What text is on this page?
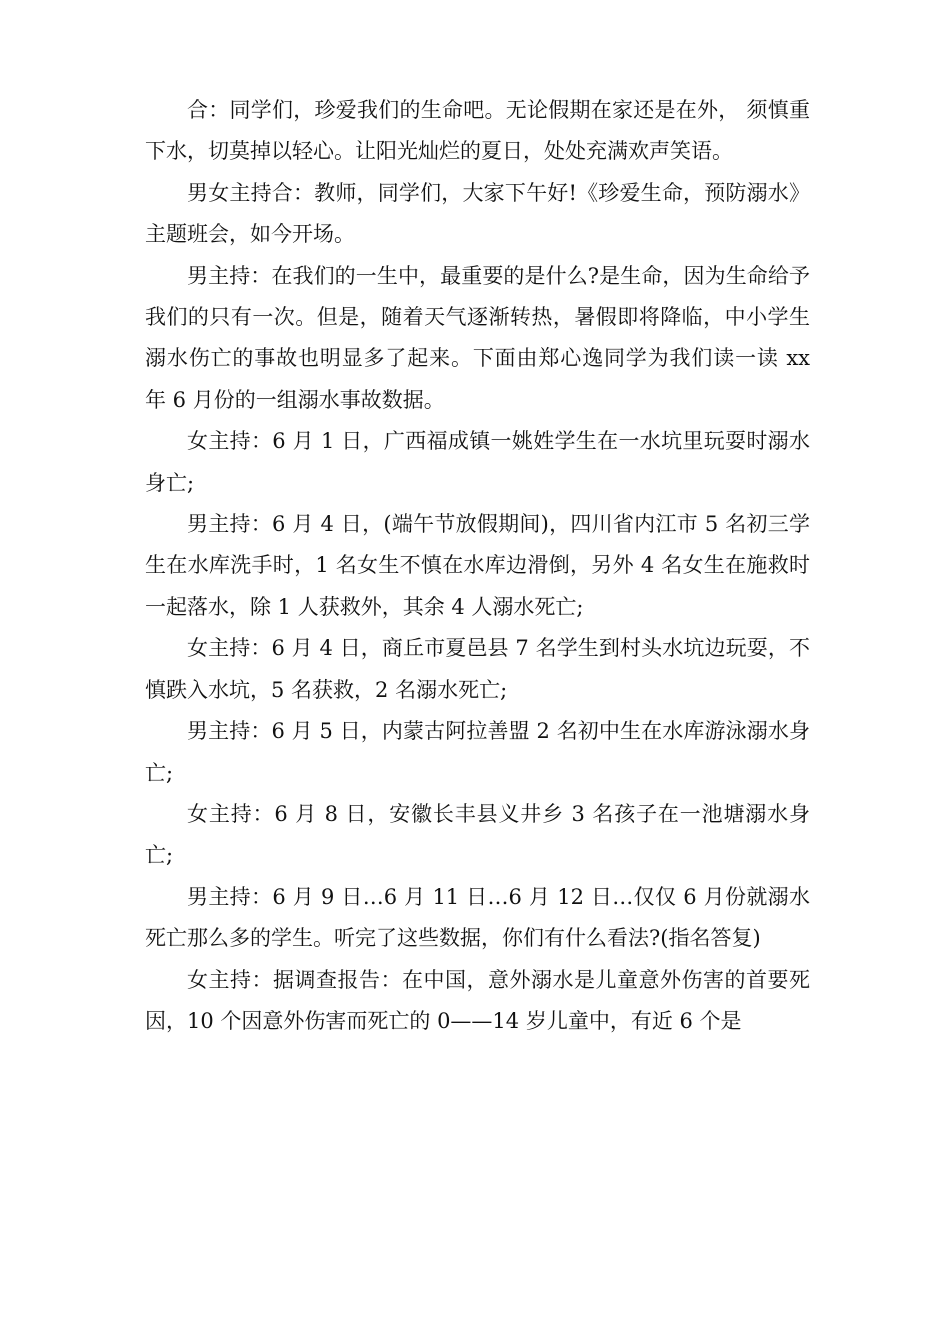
合：同学们，珍爱我们的生命吧。无论假期在家还是在外， 须慎重下水，切莫掉以轻心。让阳光灿烂的夏日，处处充满欢声笑语。

男女主持合：教师，同学们，大家下午好!《珍爱生命，预防溺水》主题班会，如今开场。

男主持：在我们的一生中，最重要的是什么?是生命，因为生命给予我们的只有一次。但是，随着天气逐渐转热，暑假即将降临，中小学生溺水伤亡的事故也明显多了起来。下面由郑心逸同学为我们读一读 xx 年 6 月份的一组溺水事故数据。

女主持：6 月 1 日，广西福成镇一姚姓学生在一水坑里玩耍时溺水身亡;

男主持：6 月 4 日，(端午节放假期间)，四川省内江市 5 名初三学生在水库洗手时，1 名女生不慎在水库边滑倒，另外 4 名女生在施救时一起落水，除 1 人获救外，其余 4 人溺水死亡;

女主持：6 月 4 日，商丘市夏邑县 7 名学生到村头水坑边玩耍，不慎跌入水坑，5 名获救，2 名溺水死亡;

男主持：6 月 5 日，内蒙古阿拉善盟 2 名初中生在水库游泳溺水身亡;

女主持：6 月 8 日，安徽长丰县义井乡 3 名孩子在一池塘溺水身亡;

男主持：6 月 9 日…6 月 11 日…6 月 12 日…仅仅 6 月份就溺水死亡那么多的学生。听完了这些数据，你们有什么看法?(指名答复)

女主持：据调查报告：在中国，意外溺水是儿童意外伤害的首要死因，10 个因意外伤害而死亡的 0——14 岁儿童中，有近 6 个是
